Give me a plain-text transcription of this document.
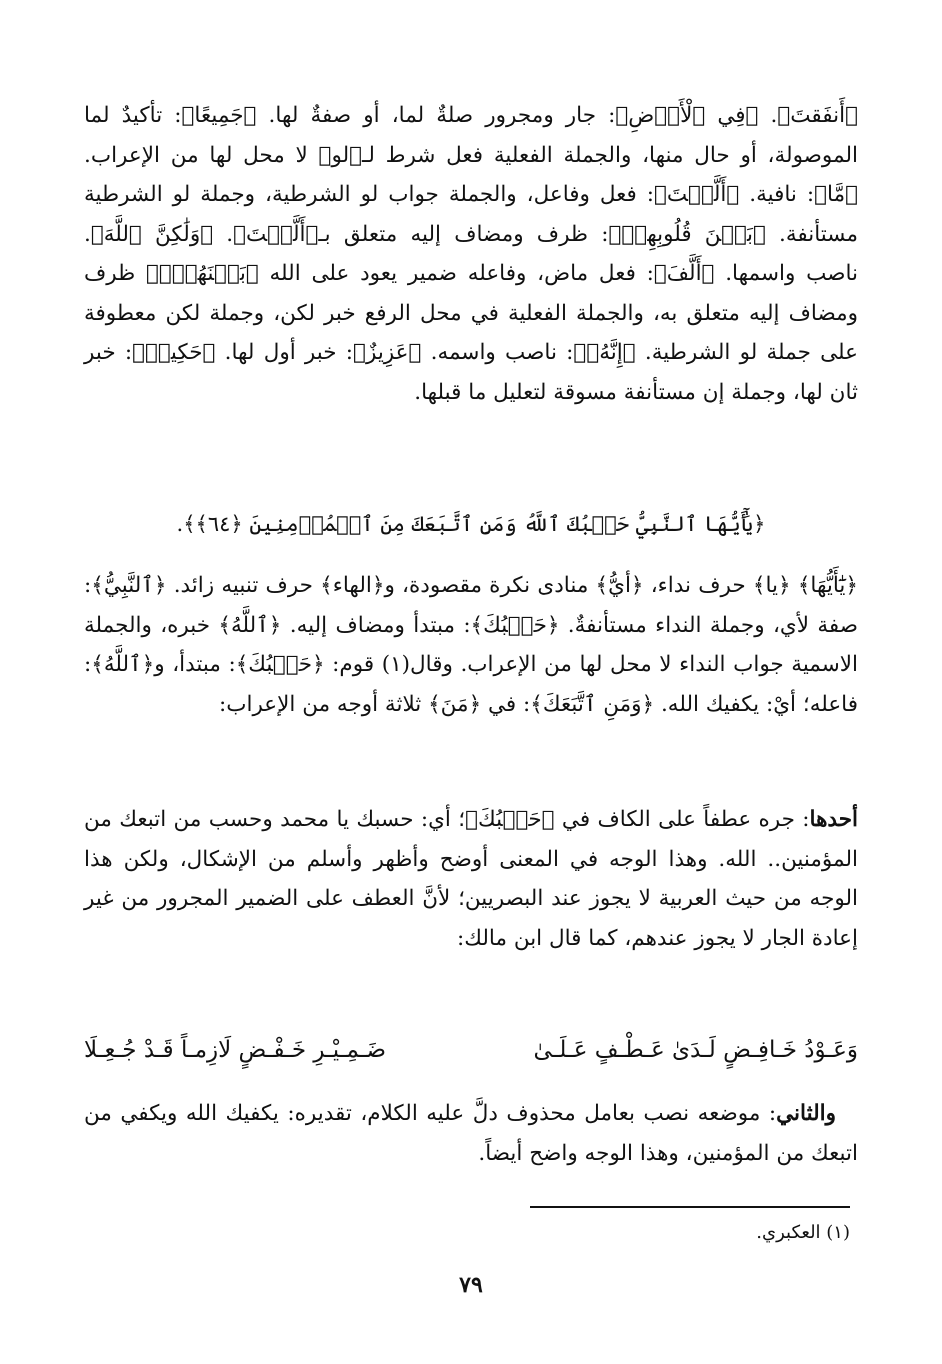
﴿أَنفَقتَ﴾. ﴿فِي ٱلْأَرۡضِ﴾: جار ومجرور صلةٌ لما، أو صفةٌ لها. ﴿جَمِيعًا﴾: تأكيدٌ لما الموصولة، أو حال منها، والجملة الفعلية فعل شرط لـ﴿لو﴾ لا محل لها من الإعراب. ﴿مَّا﴾: نافية. ﴿أَلَّفۡتَ﴾: فعل وفاعل، والجملة جواب لو الشرطية، وجملة لو الشرطية مستأنفة. ﴿بَيۡنَ قُلُوبِهِمۡ﴾: ظرف ومضاف إليه متعلق بـ﴿أَلَّفۡتَ﴾. ﴿وَلَٰكِنَّ ٱللَّهَ﴾. ناصب واسمها. ﴿أَلَّفَ﴾: فعل ماض، وفاعله ضمير يعود على الله ﴿بَيۡنَهُمۡۚ﴾ ظرف ومضاف إليه متعلق به، والجملة الفعلية في محل الرفع خبر لكن، وجملة لكن معطوفة على جملة لو الشرطية. ﴿إِنَّهُۥ﴾: ناصب واسمه. ﴿عَزِيزٌ﴾: خبر أول لها. ﴿حَكِيمٞ﴾: خبر ثان لها، وجملة إن مستأنفة مسوقة لتعليل ما قبلها.

﴿يَٰٓأَيُّهَا ٱلنَّبِيُّ حَسۡبُكَ ٱللَّهُ وَمَنِ ٱتَّبَعَكَ مِنَ ٱلۡمُؤۡمِنِينَ ﴿٦٤﴾﴾.

﴿يَٰٓأَيُّهَا﴾ ﴿يا﴾ حرف نداء، ﴿أيُّ﴾ منادى نكرة مقصودة، و﴿الهاء﴾ حرف تنبيه زائد. ﴿ٱلنَّبِيُّ﴾: صفة لأي، وجملة النداء مستأنفةٌ. ﴿حَسۡبُكَ﴾: مبتدأ ومضاف إليه. ﴿ٱللَّهُ﴾ خبره، والجملة الاسمية جواب النداء لا محل لها من الإعراب. وقال(١) قوم: ﴿حَسۡبُكَ﴾: مبتدأ، و﴿ٱللَّهُ﴾: فاعله؛ أيْ: يكفيك الله. ﴿وَمَنِ ٱتَّبَعَكَ﴾: في ﴿مَنَ﴾ ثلاثة أوجه من الإعراب:

أحدها: جره عطفاً على الكاف في ﴿حَسۡبُكَ﴾؛ أي: حسبك يا محمد وحسب من اتبعك من المؤمنين.. الله. وهذا الوجه في المعنى أوضح وأظهر وأسلم من الإشكال، ولكن هذا الوجه من حيث العربية لا يجوز عند البصريين؛ لأنَّ العطف على الضمير المجرور من غير إعادة الجار لا يجوز عندهم، كما قال ابن مالك:

وَعَـوْدُ خَـافِـضٍ لَـدَىٰ عَـطْـفٍ عَـلَـىٰ
ضَـمِـيْـرِ خَـفْـضٍ لَازِمـاً قَـدْ جُـعِـلَا

والثاني: موضعه نصب بعامل محذوف دلَّ عليه الكلام، تقديره: يكفيك الله ويكفي من اتبعك من المؤمنين، وهذا الوجه واضح أيضاً.

(١) العكبري.

٧٩
